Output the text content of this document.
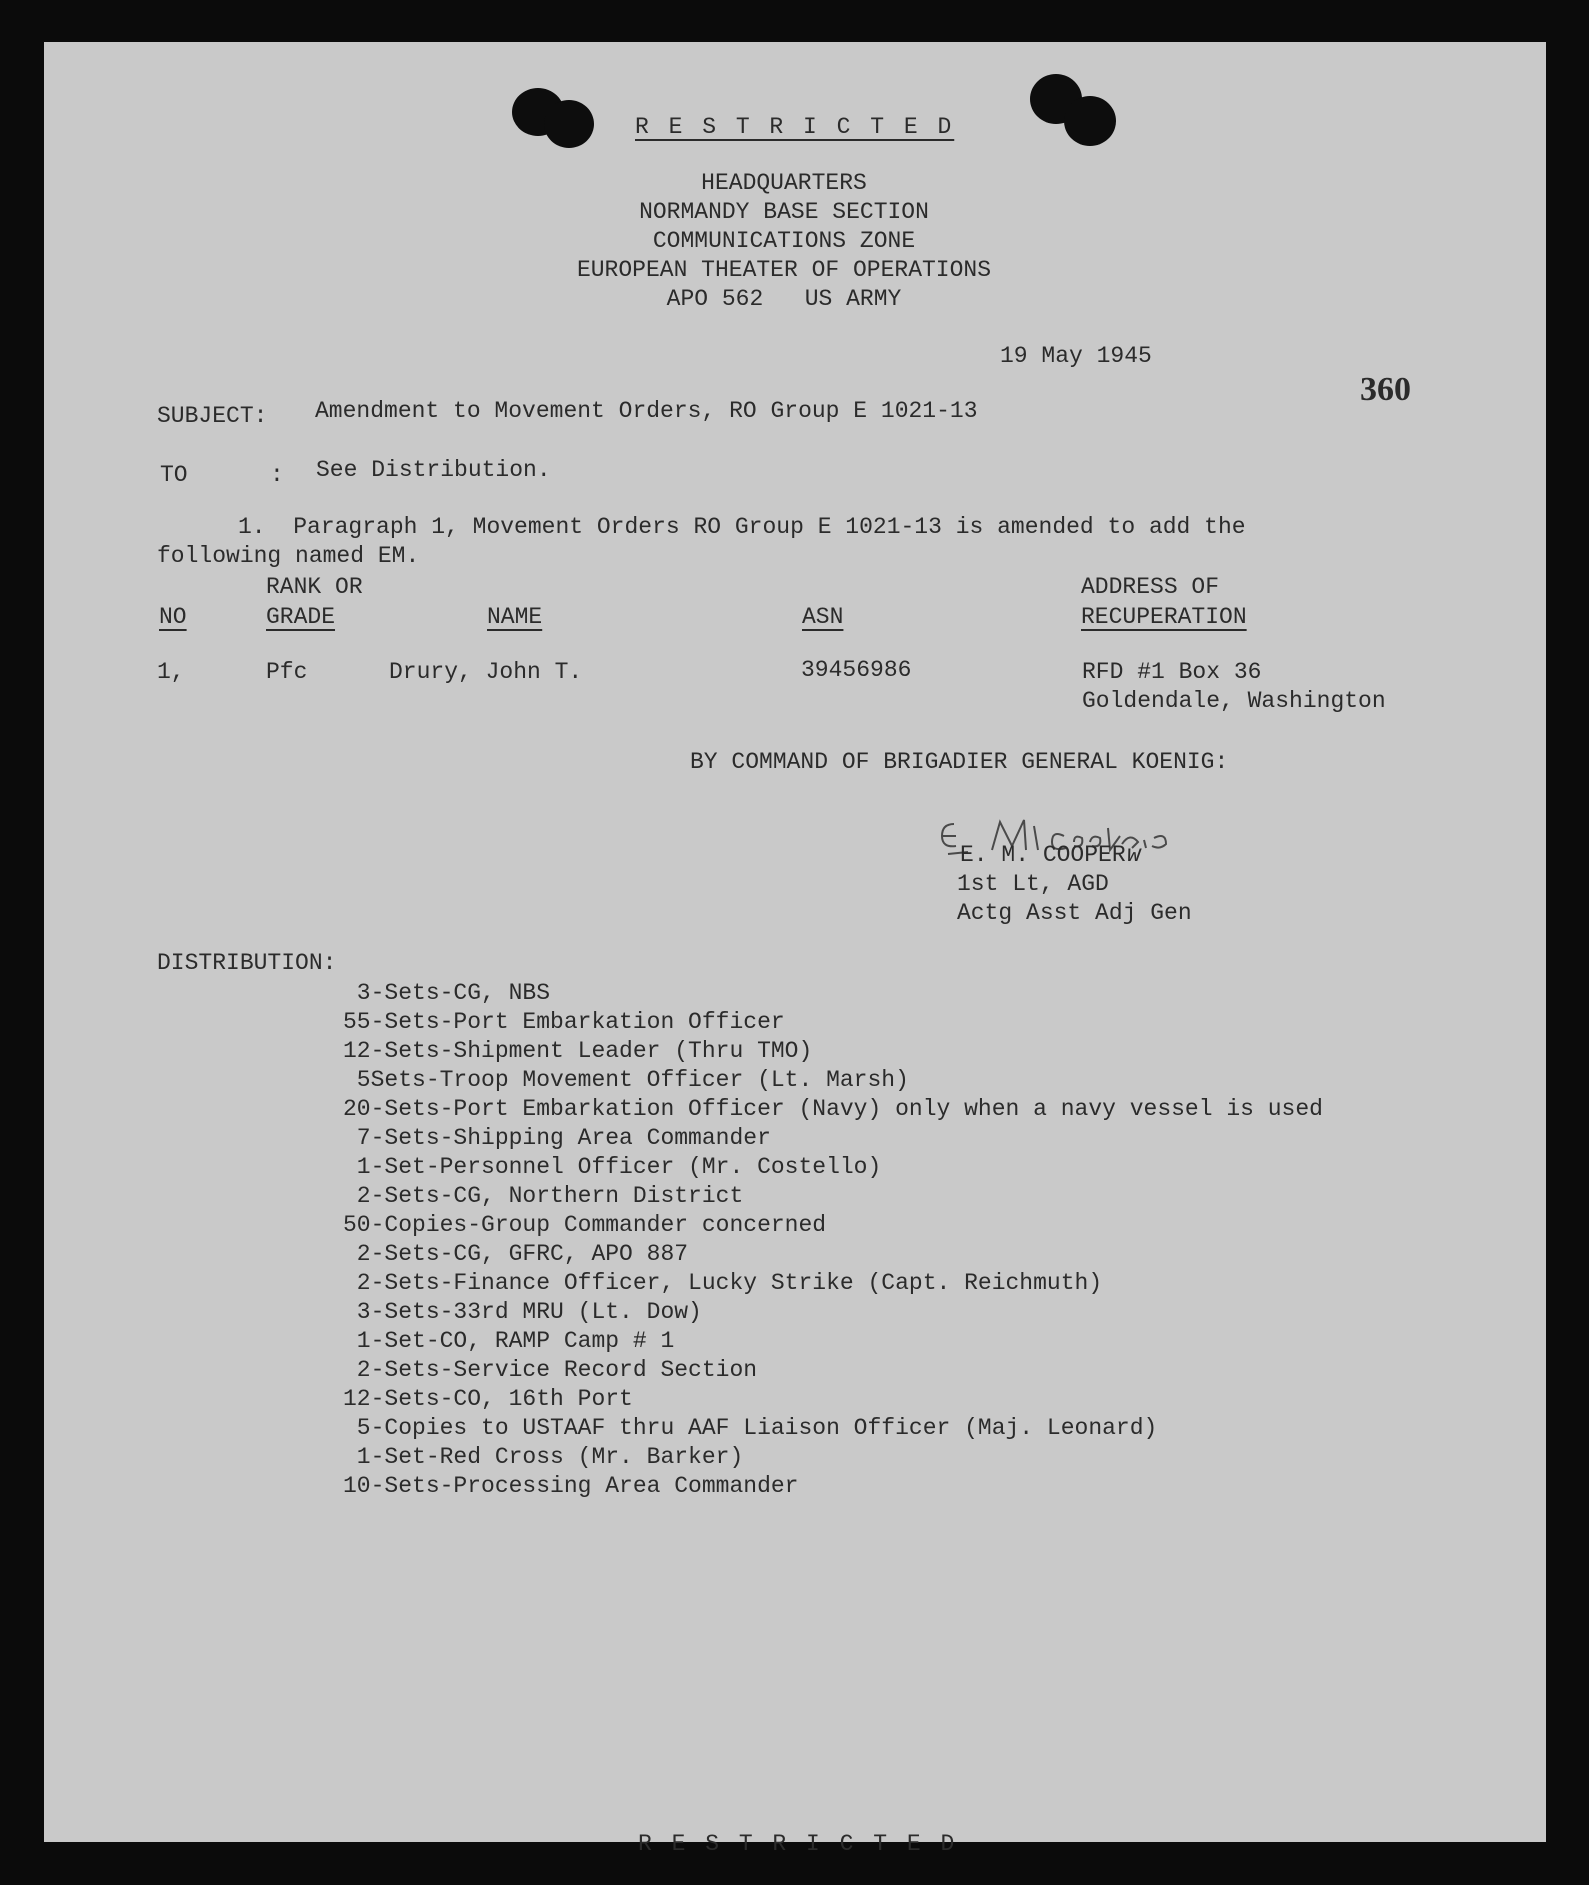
R E S T R I C T E D
HEADQUARTERS
NORMANDY BASE SECTION
COMMUNICATIONS ZONE
EUROPEAN THEATER OF OPERATIONS
APO 562   US ARMY
19 May 1945
360
SUBJECT: Amendment to Movement Orders, RO Group E 1021-13
TO	: See Distribution.
1.  Paragraph 1, Movement Orders RO Group E 1021-13 is amended to add the
following named EM.
RANK OR	ADDRESS OF
NO	GRADE	NAME	ASN	RECUPERATION
1,	Pfc	Drury, John T.	39456986	RFD #1 Box 36
Goldendale, Washington
BY COMMAND OF BRIGADIER GENERAL KOENIG:
E. M. COOPER w
1st Lt, AGD
Actg Asst Adj Gen
DISTRIBUTION:
3-Sets-CG, NBS
55-Sets-Port Embarkation Officer
12-Sets-Shipment Leader (Thru TMO)
5Sets-Troop Movement Officer (Lt. Marsh)
20-Sets-Port Embarkation Officer (Navy) only when a navy vessel is used
7-Sets-Shipping Area Commander
1-Set-Personnel Officer (Mr. Costello)
2-Sets-CG, Northern District
50-Copies-Group Commander concerned
2-Sets-CG, GFRC, APO 887
2-Sets-Finance Officer, Lucky Strike (Capt. Reichmuth)
3-Sets-33rd MRU (Lt. Dow)
1-Set-CO, RAMP Camp # 1
2-Sets-Service Record Section
12-Sets-CO, 16th Port
5-Copies to USTAAF thru AAF Liaison Officer (Maj. Leonard)
1-Set-Red Cross (Mr. Barker)
10-Sets-Processing Area Commander
R E S T R I C T E D
